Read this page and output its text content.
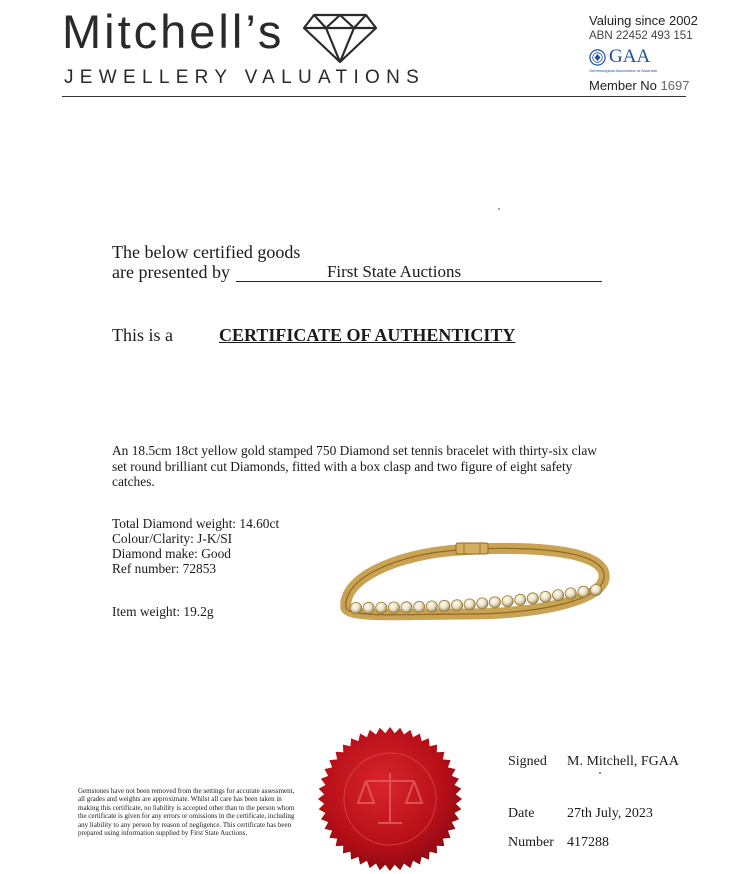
Mitchell’s
JEWELLERY VALUATIONS
Valuing since 2002
ABN 22452 493 151
GAA
Gemmological Association of Australia
Member No 1697
The below certified goods
are presented by	First State Auctions
This is a	CERTIFICATE OF AUTHENTICITY
An 18.5cm 18ct yellow gold stamped 750 Diamond set tennis bracelet with thirty-six claw set round brilliant cut Diamonds, fitted with a box clasp and two figure of eight safety catches.
Total Diamond weight: 14.60ct
Colour/Clarity: J-K/SI
Diamond make: Good
Ref number: 72853
Item weight: 19.2g
Gemstones have not been removed from the settings for accurate assessment, all grades and weights are approximate. Whilst all care has been taken in making this certificate, no liability is accepted other than to the person whom the certificate is given for any errors or omissions in the certificate, including any liability to any person by reason of negligence. This certificate has been prepared using information supplied by First State Auctions.
Signed M. Mitchell, FGAA
Date 27th July, 2023
Number 417288
